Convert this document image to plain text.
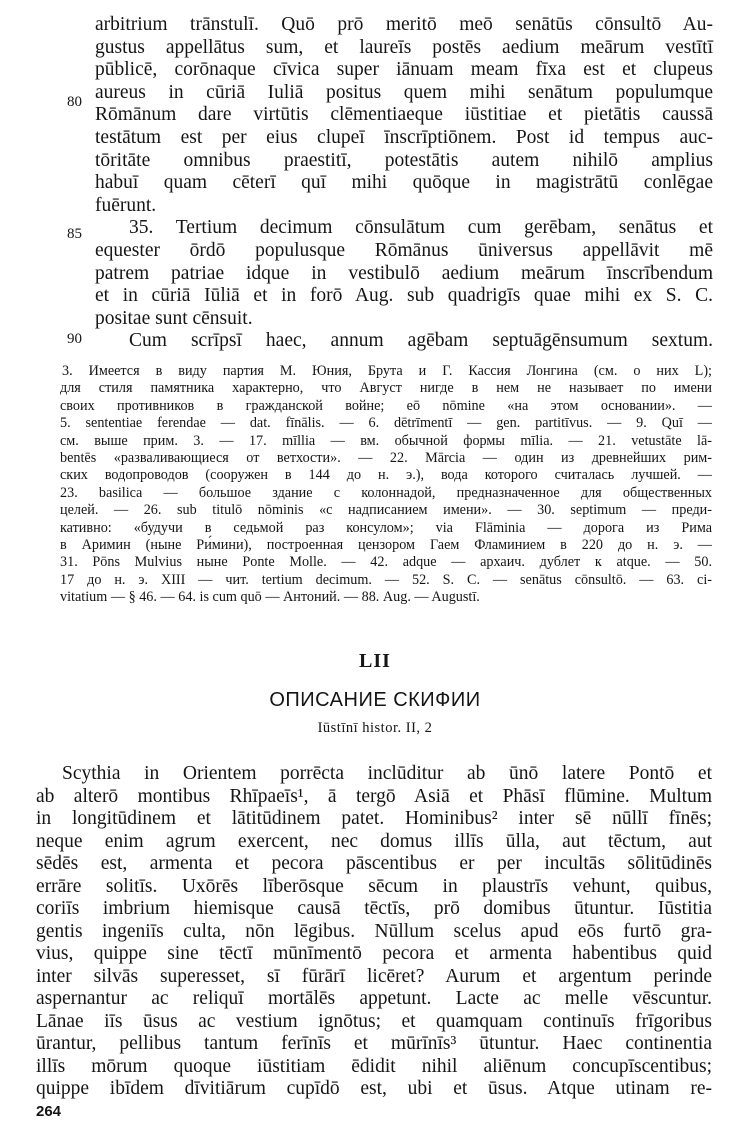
arbitrium trānstulī. Quō prō meritō meō senātūs cōnsultō Au-
gustus appellātus sum, et laureīs postēs aedium meārum vestītī
pūblicē, corōnaque cīvica super iānuam meam fīxa est et clupeus
aureus in cūriā Iuliā positus quem mihi senātum populumque
Rōmānum dare virtūtis clēmentiaeque iūstitiae et pietātis caussā
testātum est per eius clupeī īnscrīptiōnem. Post id tempus auc-
tōritāte omnibus praestitī, potestātis autem nihilō amplius
habuī quam cēterī quī mihi quōque in magistrātū conlēgae
fuērunt.
35. Tertium decimum cōnsulātum cum gerēbam, senātus et
equester ōrdō populusque Rōmānus ūniversus appellāvit mē
patrem patriae idque in vestibulō aedium meārum īnscrībendum
et in cūriā Iūliā et in forō Aug. sub quadrigīs quae mihi ex S. C.
positae sunt cēnsuit.
Cum scrīpsī haec, annum agēbam septuāgēnsumum sextum.
80
85
90
3. Имеется в виду партия М. Юния, Брута и Г. Кассия Лонгина (см. о них L);
для стиля памятника характерно, что Август нигде в нем не называет по имени
своих противников в гражданской войне; eō nōmine «на этом основании». —
5. sententiae ferendae — dat. fīnālis. — 6. dētrīmentī — gen. partitīvus. — 9. Quī —
см. выше прим. 3. — 17. mīllia — вм. обычной формы mīlia. — 21. vetustāte lā-
bentēs «разваливающиеся от ветхости». — 22. Mārcia — один из древнейших рим-
ских водопроводов (сооружен в 144 до н. э.), вода которого считалась лучшей. —
23. basilica — большое здание с колоннадой, предназначенное для общественных
целей. — 26. sub titulō nōminis «с надписанием имени». — 30. septimum — преди-
кативно: «будучи в седьмой раз консулом»; via Flāminia — дорога из Рима
в Аримин (ныне Ри́мини), построенная цензором Гаем Фламинием в 220 до н. э. —
31. Pōns Mulvius ныне Ponte Molle. — 42. adque — архаич. дублет к atque. — 50.
17 до н. э. XIII — чит. tertium decimum. — 52. S. C. — senātus cōnsultō. — 63. ci-
vitatium — § 46. — 64. is cum quō — Антоний. — 88. Aug. — Augustī.
LII
ОПИСАНИЕ СКИФИИ
Iūstīnī histor. II, 2
Scythia in Orientem porrēcta inclūditur ab ūnō latere Pontō et
ab alterō montibus Rhīpaeīs¹, ā tergō Asiā et Phāsī flūmine. Multum
in longitūdinem et lātitūdinem patet. Hominibus² inter sē nūllī fīnēs;
neque enim agrum exercent, nec domus illīs ūlla, aut tēctum, aut
sēdēs est, armenta et pecora pāscentibus er per incultās sōlitūdinēs
errāre solitīs. Uxōrēs līberōsque sēcum in plaustrīs vehunt, quibus,
coriīs imbrium hiemisque causā tēctīs, prō domibus ūtuntur. Iūstitia
gentis ingeniīs culta, nōn lēgibus. Nūllum scelus apud eōs furtō gra-
vius, quippe sine tēctī mūnīmentō pecora et armenta habentibus quid
inter silvās superesset, sī fūrārī licēret? Aurum et argentum perinde
aspernantur ac reliquī mortālēs appetunt. Lacte ac melle vēscuntur.
Lānae iīs ūsus ac vestium ignōtus; et quamquam continuīs frīgoribus
ūrantur, pellibus tantum ferīnīs et mūrīnīs³ ūtuntur. Haec continentia
illīs mōrum quoque iūstitiam ēdidit nihil aliēnum concupīscentibus;
quippe ibīdem dīvitiārum cupīdō est, ubi et ūsus. Atque utinam re-
264
